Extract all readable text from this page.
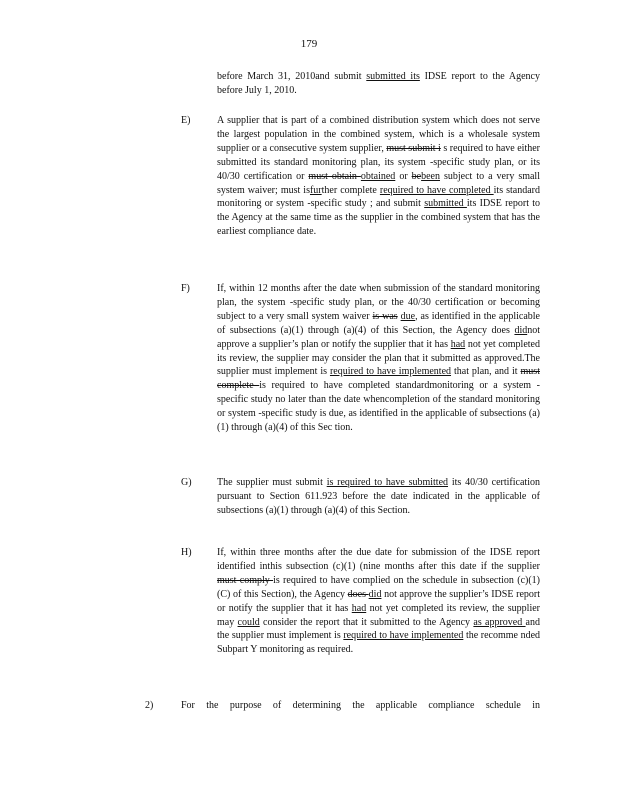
179
before March 31, 2010and submit submitted its IDSE report to the Agency before July 1, 2010.
E)	A supplier that is part of a combined distribution system which does not serve the largest population in the combined system, which is a wholesale system supplier or a consecutive system supplier, must submit i s required to have either submitted its standard monitoring plan, its system -specific study plan, or its 40/30 certification or must obtain obtained or bebeen subject to a very small system waiver; must isfurther complete required to have completed its standard monitoring or system -specific study ; and submit submitted its IDSE report to the Agency at the same time as the supplier in the combined system that has the earliest compliance date.
F)	If, within 12 months after the date when submission of the standard monitoring plan, the system -specific study plan, or the 40/30 certification or becoming subject to a very small system waiver is was due, as identified in the applicable of subsections (a)(1) through (a)(4) of this Section, the Agency does didnot approve a supplier’s plan or notify the supplier that it has had not yet completed its review, the supplier may consider the plan that it submitted as approved.The supplier must implement is required to have implemented that plan, and it must complete is required to have completed standardmonitoring or a system - specific study no later than the date whencompletion of the standard monitoring or system -specific study is due, as identified in the applicable of subsections (a)(1) through (a)(4) of this Sec tion.
G)	The supplier must submit is required to have submitted its 40/30 certification pursuant to Section 611.923 before the date indicated in the applicable of subsections (a)(1) through (a)(4) of this Section.
H)	If, within three months after the due date for submission of the IDSE report identified inthis subsection (c)(1) (nine months after this date if the supplier must comply is required to have complied on the schedule in subsection (c)(1)(C) of this Section), the Agency does did not approve the supplier’s IDSE report or notify the supplier that it has had not yet completed its review, the supplier may could consider the report that it submitted to the Agency as approved and the supplier must implement is required to have implemented the recomme nded Subpart Y monitoring as required.
2)	For the purpose of determining the applicable compliance schedule in
